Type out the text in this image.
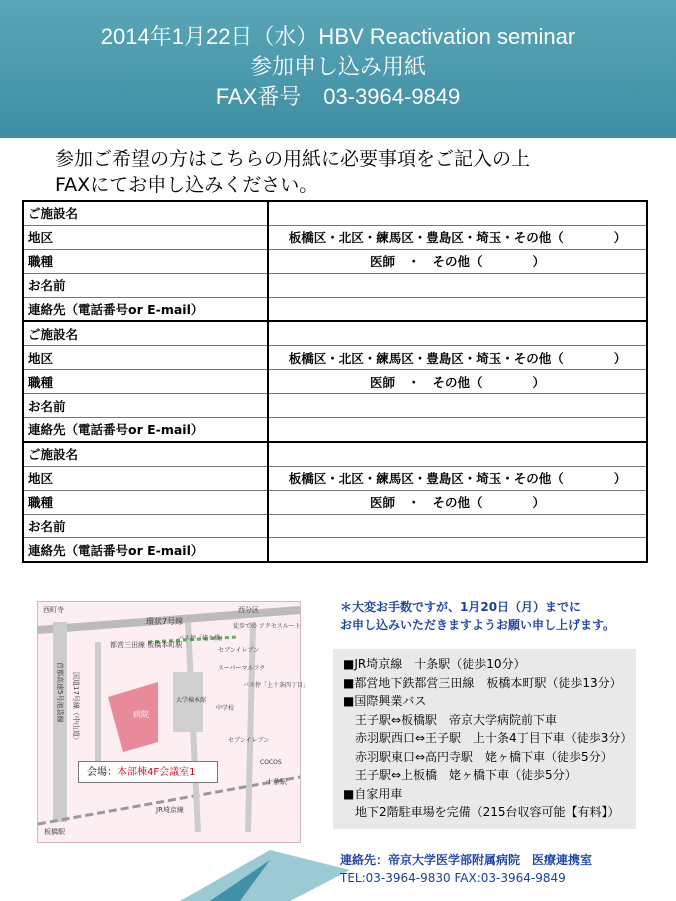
2014年1月22日（水）HBV Reactivation seminar
参加申し込み用紙
FAX番号　03-3964-9849
参加ご希望の方はこちらの用紙に必要事項をご記入の上
FAXにてお申し込みください。
ご施設名	
地区	板橋区・北区・練馬区・豊島区・埼玉・その他（　　　　）
職種	医師　・　その他（　　　　）
お名前	
連絡先（電話番号or E-mail）	
ご施設名	
地区	板橋区・北区・練馬区・豊島区・埼玉・その他（　　　　）
職種	医師　・　その他（　　　　）
お名前	
連絡先（電話番号or E-mail）	
ご施設名	
地区	板橋区・北区・練馬区・豊島区・埼玉・その他（　　　　）
職種	医師　・　その他（　　　　）
お名前	
連絡先（電話番号or E-mail）	
西町寺	西分区
環状7号線
徒歩での アクセスルート
都営三田線 板橋本町駅
バス停「姥ケ橋」
セブンイレブン
スーパーマルフク
大学棟本館
病院
バス停「上十条四丁目」
中学校
セブンイレブン
COCOS
JR埼京線
十条駅
板橋駅
国道17号線（中山道）
首都高速5号池袋線
会場：本部棟4F会議室1
＊大変お手数ですが、1月20日（月）までに
お申し込みいただきますようお願い申し上げます。
■JR埼京線　十条駅（徒歩10分）
■都営地下鉄都営三田線　板橋本町駅（徒歩13分）
■国際興業バス
　王子駅⇔板橋駅　帝京大学病院前下車
　赤羽駅西口⇔王子駅　上十条4丁目下車（徒歩3分）
　赤羽駅東口⇔高円寺駅　姥ヶ橋下車（徒歩5分）
　王子駅⇔上板橋　姥ヶ橋下車（徒歩5分）
■自家用車
　地下2階駐車場を完備（215台収容可能【有料】）
連絡先：帝京大学医学部附属病院　医療連携室
TEL:03-3964-9830 FAX:03-3964-9849
